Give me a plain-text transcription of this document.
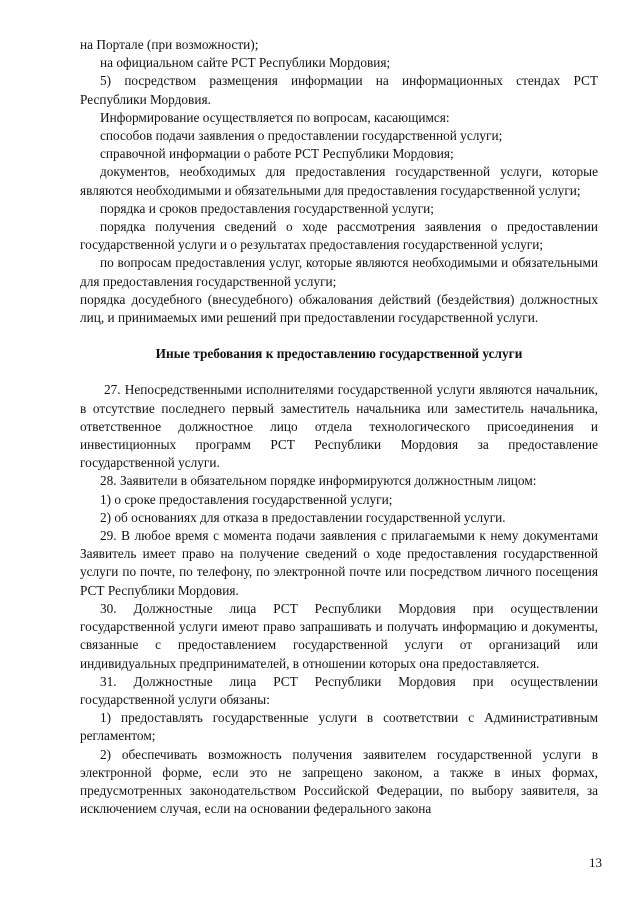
на Портале (при возможности);

на официальном сайте РСТ Республики Мордовия;

5) посредством размещения информации на информационных стендах РСТ Республики Мордовия.

Информирование осуществляется по вопросам, касающимся:

способов подачи заявления о предоставлении государственной услуги;

справочной информации о работе РСТ Республики Мордовия;

документов, необходимых для предоставления государственной услуги, которые являются необходимыми и обязательными для предоставления государственной услуги;

порядка и сроков предоставления государственной услуги;

порядка получения сведений о ходе рассмотрения заявления о предоставлении государственной услуги и о результатах предоставления государственной услуги;

по вопросам предоставления услуг, которые являются необходимыми и обязательными для предоставления государственной услуги;

порядка досудебного (внесудебного) обжалования действий (бездействия) должностных лиц, и принимаемых ими решений при предоставлении государственной услуги.

Иные требования к предоставлению государственной услуги

27. Непосредственными исполнителями государственной услуги являются начальник, в отсутствие последнего первый заместитель начальника или заместитель начальника, ответственное должностное лицо отдела технологического присоединения и инвестиционных программ РСТ Республики Мордовия за предоставление государственной услуги.

28. Заявители в обязательном порядке информируются должностным лицом:

1) о сроке предоставления государственной услуги;

2) об основаниях для отказа в предоставлении государственной услуги.

29. В любое время с момента подачи заявления с прилагаемыми к нему документами Заявитель имеет право на получение сведений о ходе предоставления государственной услуги по почте, по телефону, по электронной почте или посредством личного посещения РСТ Республики Мордовия.

30. Должностные лица РСТ Республики Мордовия при осуществлении государственной услуги имеют право запрашивать и получать информацию и документы, связанные с предоставлением государственной услуги от организаций или индивидуальных предпринимателей, в отношении которых она предоставляется.

31. Должностные лица РСТ Республики Мордовия при осуществлении государственной услуги обязаны:

1) предоставлять государственные услуги в соответствии с Административным регламентом;

2) обеспечивать возможность получения заявителем государственной услуги в электронной форме, если это не запрещено законом, а также в иных формах, предусмотренных законодательством Российской Федерации, по выбору заявителя, за исключением случая, если на основании федерального закона

13
